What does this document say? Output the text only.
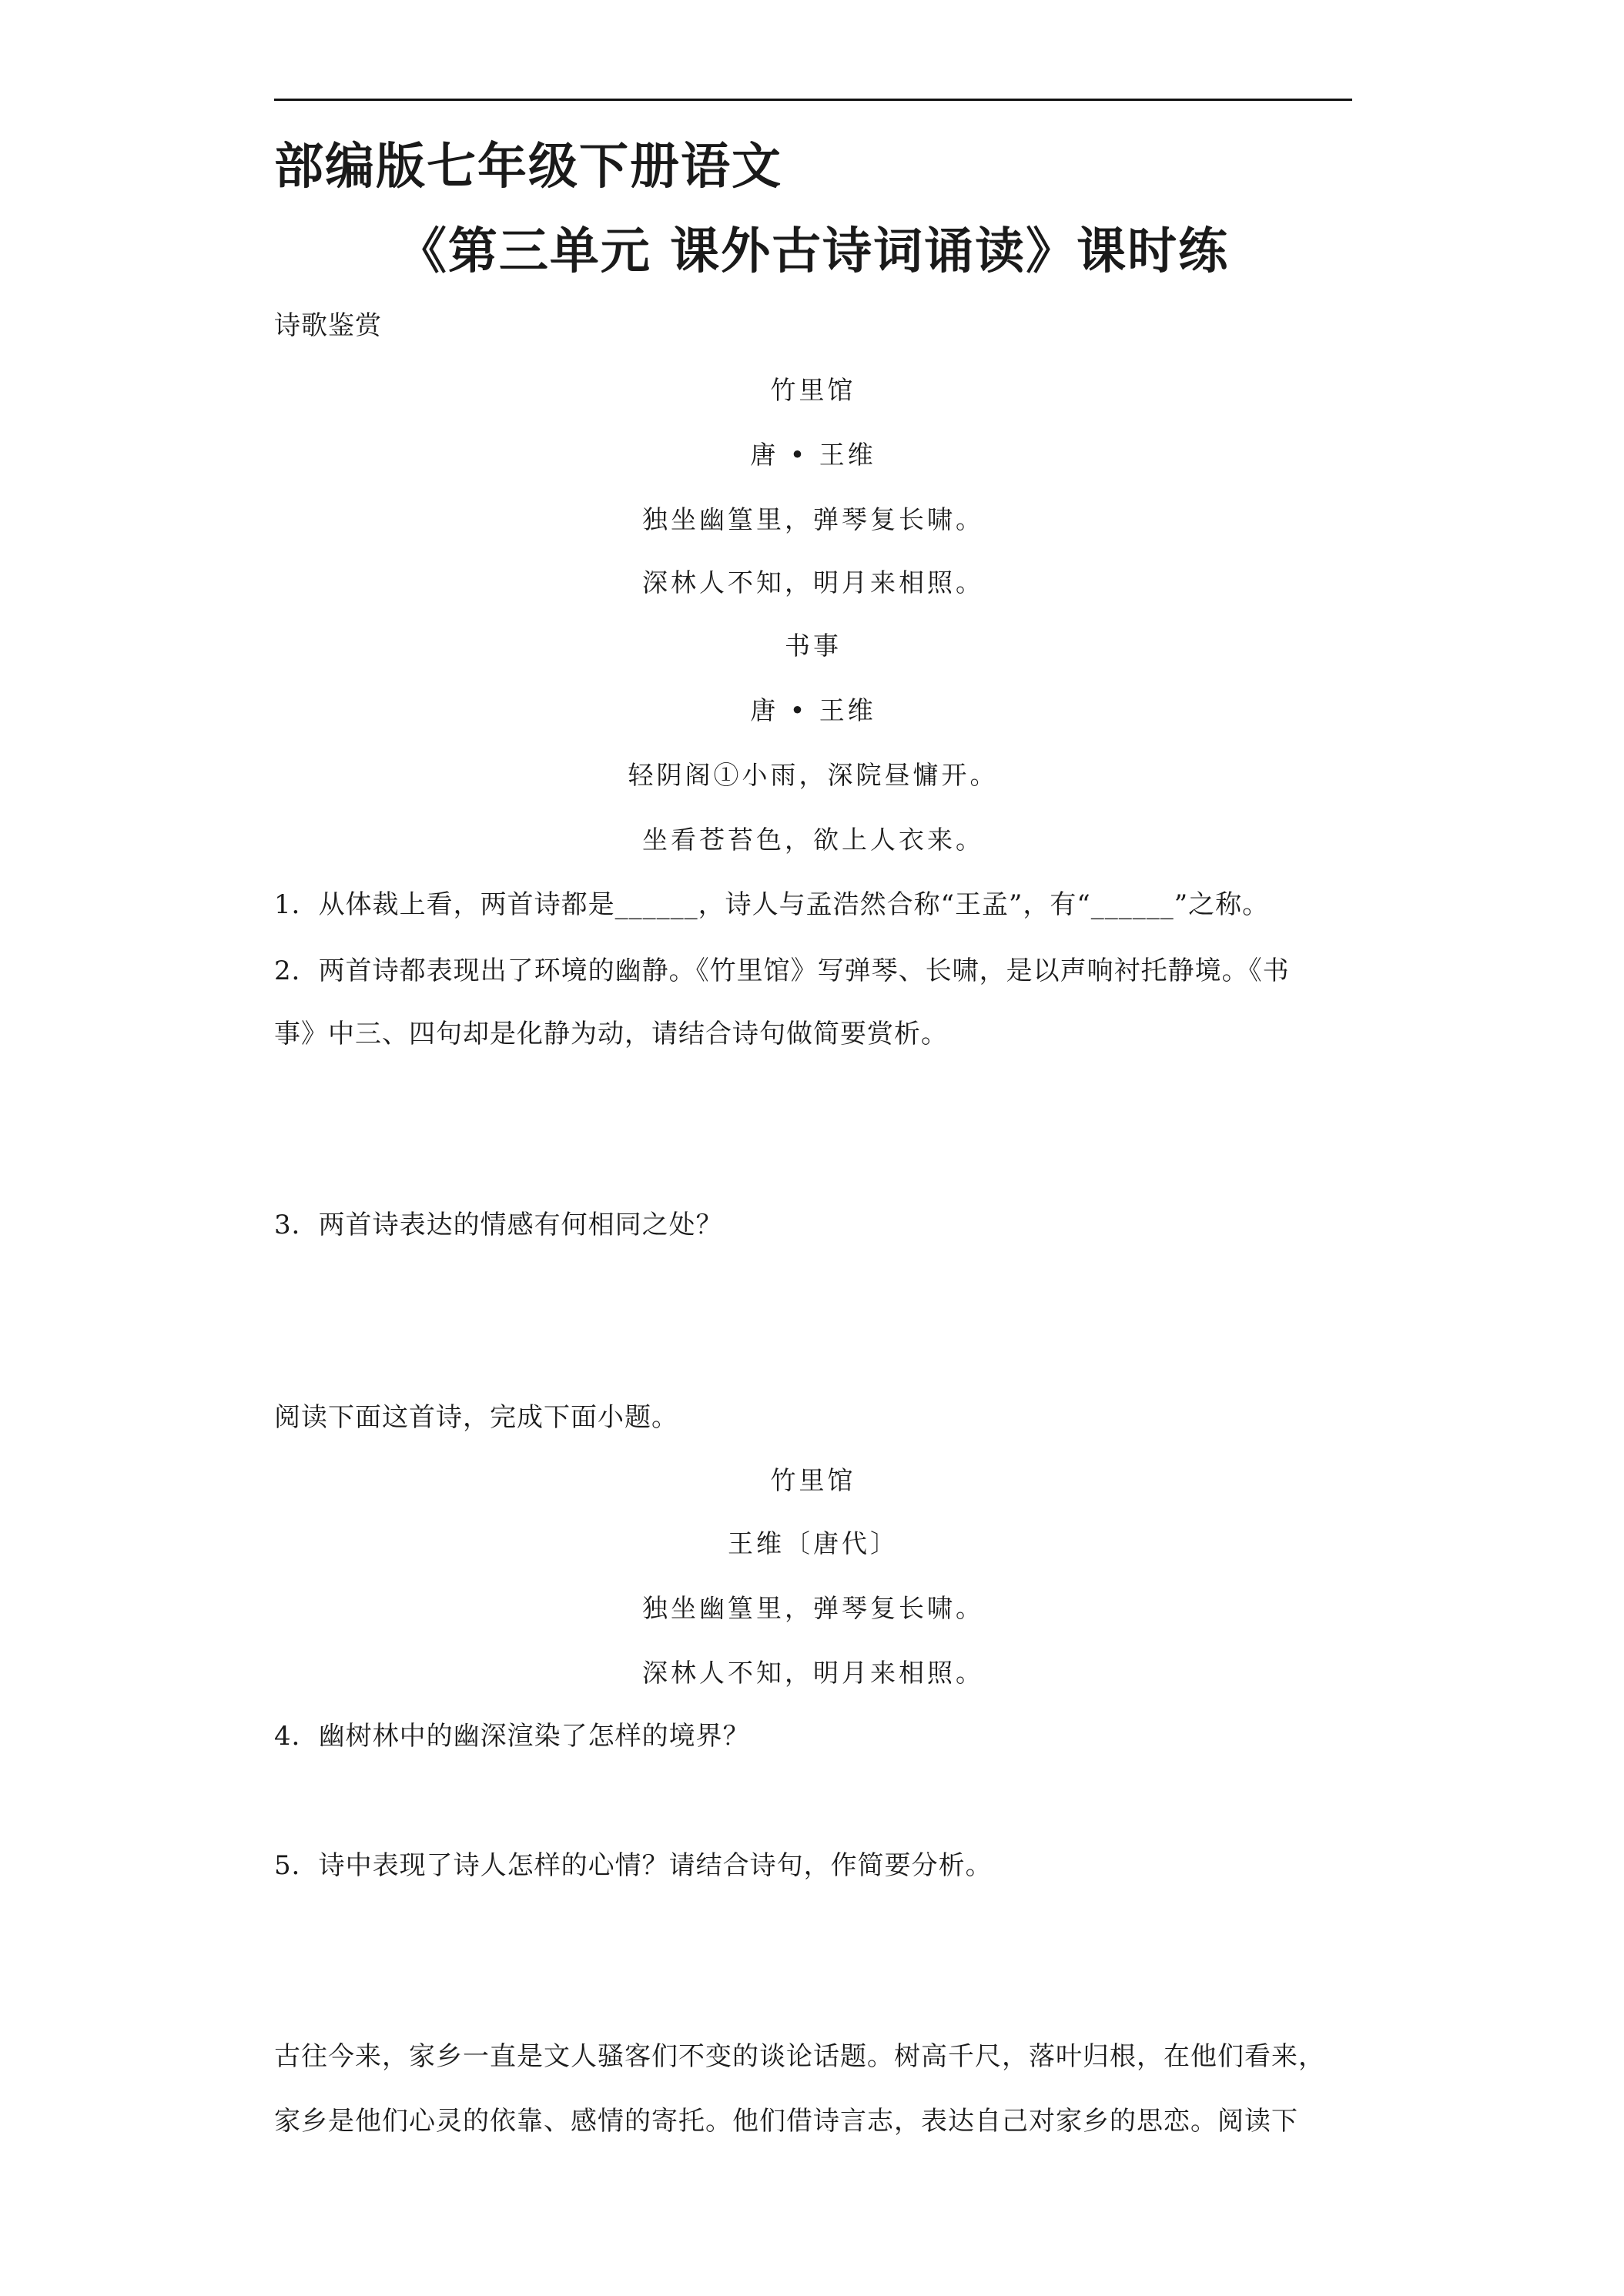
部编版七年级下册语文
《第三单元 课外古诗词诵读》课时练
诗歌鉴赏
竹里馆
唐 • 王维
独坐幽篁里，弹琴复长啸。
深林人不知，明月来相照。
书事
唐 • 王维
轻阴阁①小雨，深院昼慵开。
坐看苍苔色，欲上人衣来。
1．从体裁上看，两首诗都是______，诗人与孟浩然合称“王孟”，有“______”之称。
2．两首诗都表现出了环境的幽静。《竹里馆》写弹琴、长啸，是以声响衬托静境。《书
事》中三、四句却是化静为动，请结合诗句做简要赏析。
3．两首诗表达的情感有何相同之处？
阅读下面这首诗，完成下面小题。
竹里馆
王维〔唐代〕
独坐幽篁里，弹琴复长啸。
深林人不知，明月来相照。
4．幽树林中的幽深渲染了怎样的境界？
5．诗中表现了诗人怎样的心情？请结合诗句，作简要分析。
古往今来，家乡一直是文人骚客们不变的谈论话题。树高千尺，落叶归根，在他们看来，
家乡是他们心灵的依靠、感情的寄托。他们借诗言志，表达自己对家乡的思恋。阅读下
